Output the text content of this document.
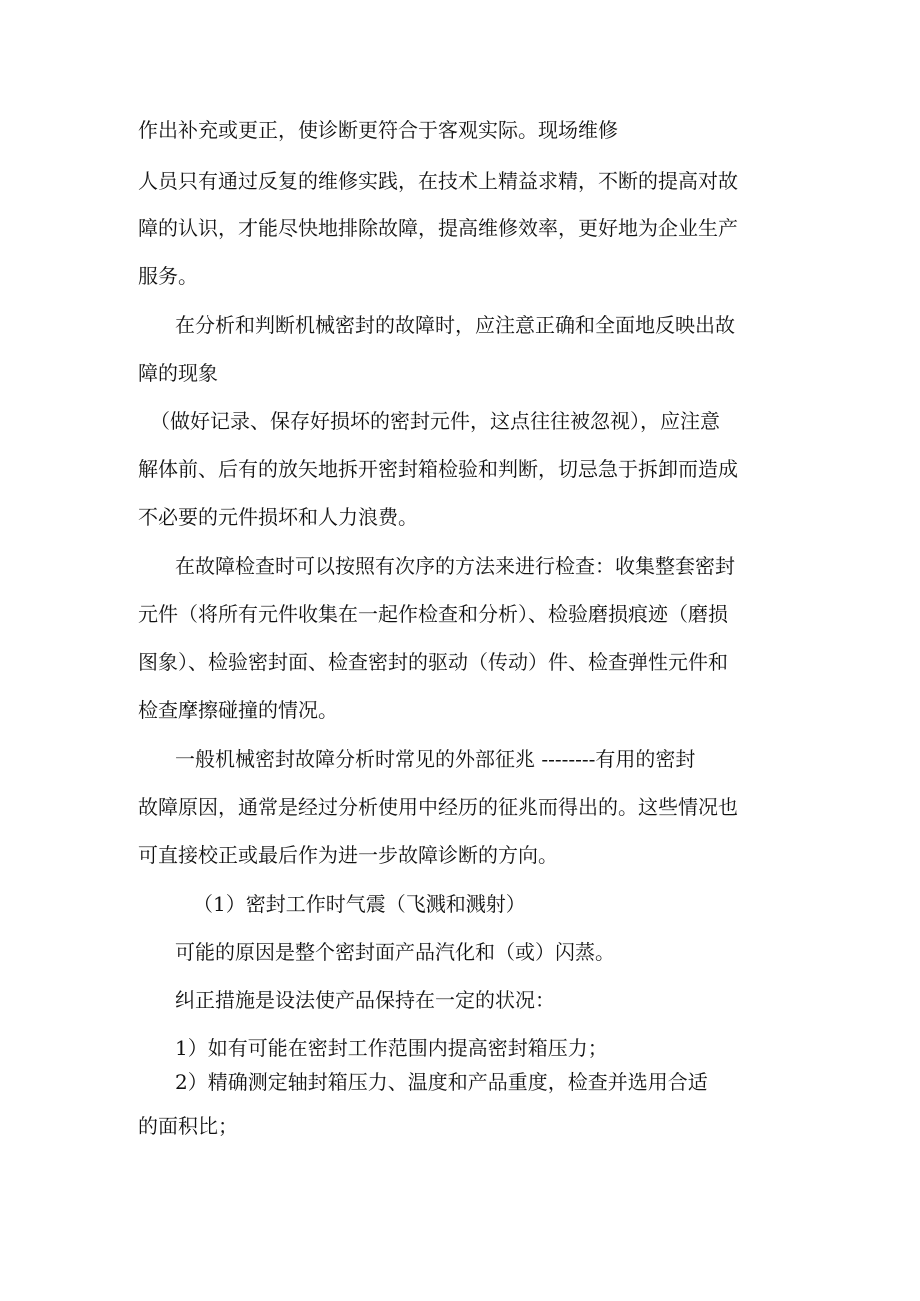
作出补充或更正，使诊断更符合于客观实际。现场维修

人员只有通过反复的维修实践，在技术上精益求精，不断的提高对故

障的认识，才能尽快地排除故障，提高维修效率，更好地为企业生产

服务。

在分析和判断机械密封的故障时，应注意正确和全面地反映出故

障的现象

（做好记录、保存好损坏的密封元件，这点往往被忽视），应注意

解体前、后有的放矢地拆开密封箱检验和判断，切忌急于拆卸而造成

不必要的元件损坏和人力浪费。

在故障检查时可以按照有次序的方法来进行检查：收集整套密封

元件（将所有元件收集在一起作检查和分析）、检验磨损痕迹（磨损

图象）、检验密封面、检查密封的驱动（传动）件、检查弹性元件和

检查摩擦碰撞的情况。

一般机械密封故障分析时常见的外部征兆 --------有用的密封

故障原因，通常是经过分析使用中经历的征兆而得出的。这些情况也

可直接校正或最后作为进一步故障诊断的方向。

（1）密封工作时气震（飞溅和溅射）

可能的原因是整个密封面产品汽化和（或）闪蒸。

纠正措施是设法使产品保持在一定的状况：

1）如有可能在密封工作范围内提高密封箱压力；

2）精确测定轴封箱压力、温度和产品重度，检查并选用合适

的面积比；
